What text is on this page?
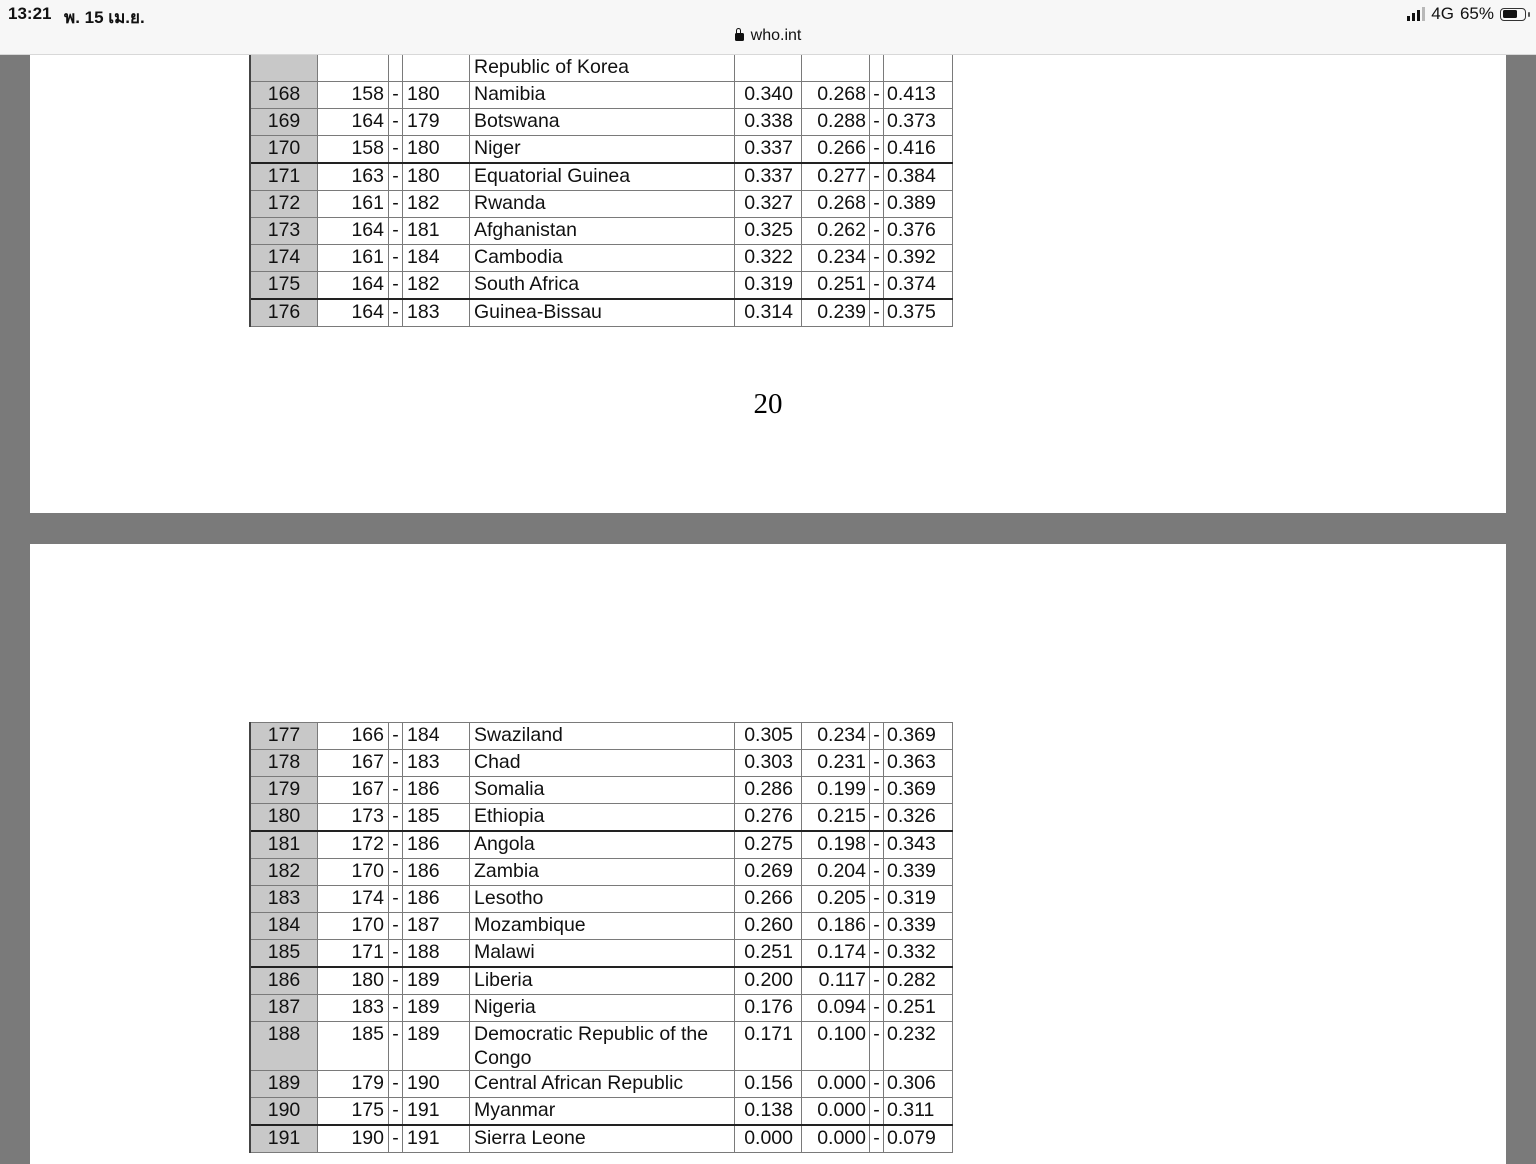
13:21 พ. 15 เม.ย.	4G 65%
who.int
				Republic of Korea				
168	158	-	180	Namibia	0.340	0.268	-	0.413
169	164	-	179	Botswana	0.338	0.288	-	0.373
170	158	-	180	Niger	0.337	0.266	-	0.416
171	163	-	180	Equatorial Guinea	0.337	0.277	-	0.384
172	161	-	182	Rwanda	0.327	0.268	-	0.389
173	164	-	181	Afghanistan	0.325	0.262	-	0.376
174	161	-	184	Cambodia	0.322	0.234	-	0.392
175	164	-	182	South Africa	0.319	0.251	-	0.374
176	164	-	183	Guinea-Bissau	0.314	0.239	-	0.375
20
177	166	-	184	Swaziland	0.305	0.234	-	0.369
178	167	-	183	Chad	0.303	0.231	-	0.363
179	167	-	186	Somalia	0.286	0.199	-	0.369
180	173	-	185	Ethiopia	0.276	0.215	-	0.326
181	172	-	186	Angola	0.275	0.198	-	0.343
182	170	-	186	Zambia	0.269	0.204	-	0.339
183	174	-	186	Lesotho	0.266	0.205	-	0.319
184	170	-	187	Mozambique	0.260	0.186	-	0.339
185	171	-	188	Malawi	0.251	0.174	-	0.332
186	180	-	189	Liberia	0.200	0.117	-	0.282
187	183	-	189	Nigeria	0.176	0.094	-	0.251
188	185	-	189	Democratic Republic of the Congo	0.171	0.100	-	0.232
189	179	-	190	Central African Republic	0.156	0.000	-	0.306
190	175	-	191	Myanmar	0.138	0.000	-	0.311
191	190	-	191	Sierra Leone	0.000	0.000	-	0.079
